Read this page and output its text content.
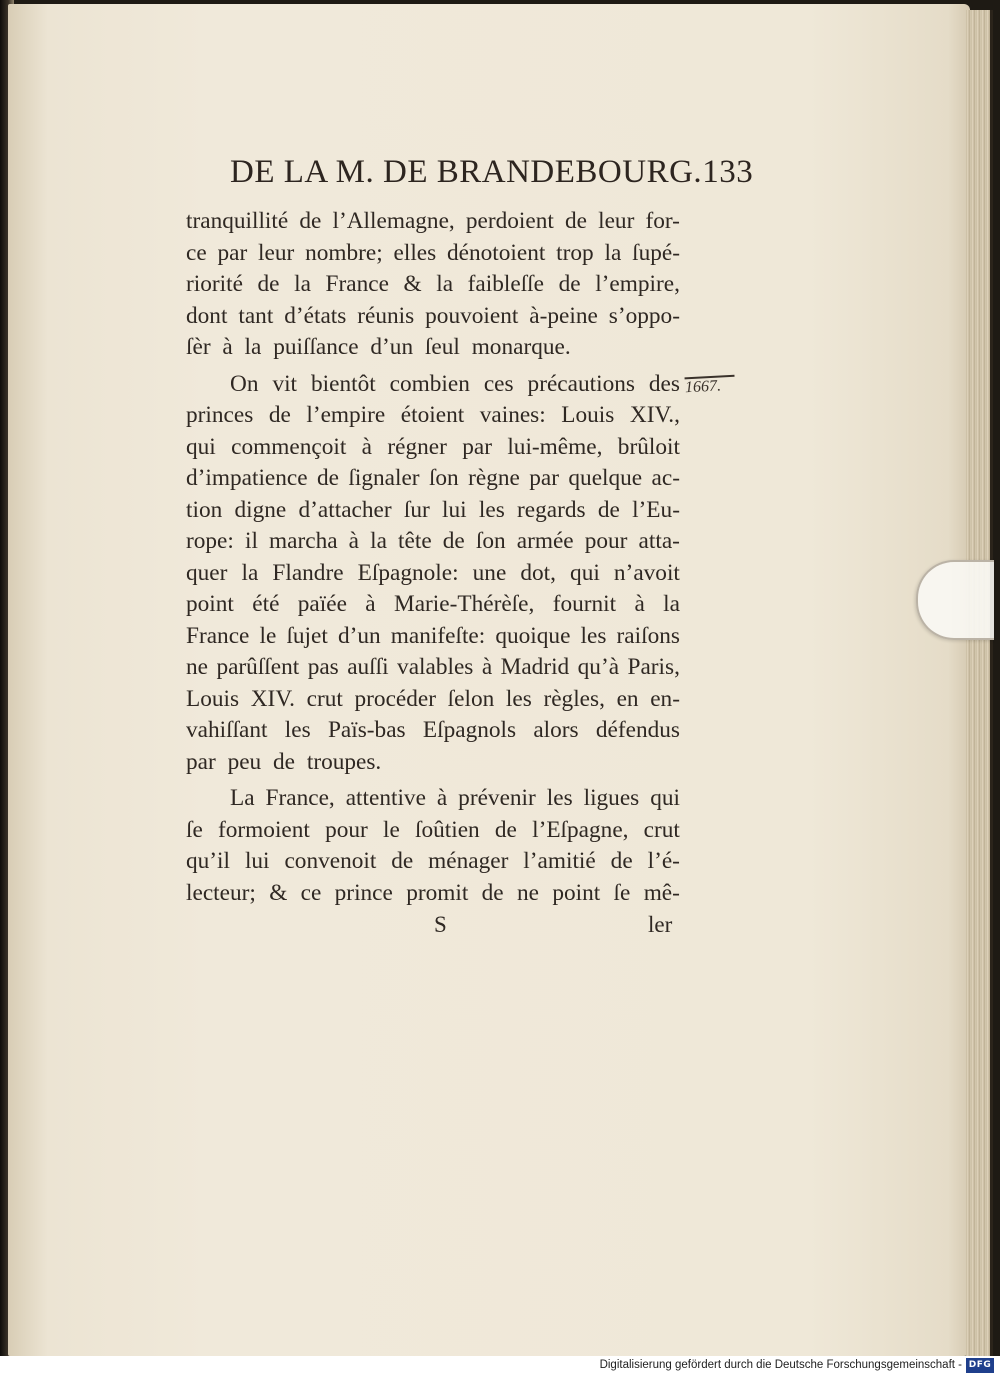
DE LA M. DE BRANDEBOURG. 133
tranquillité de l’Allemagne, perdoient de leur for-
ce par leur nombre; elles dénotoient trop la ſupé-
riorité de la France & la faibleſſe de l’empire,
dont tant d’états réunis pouvoient à-peine s’oppo-
ſèr à la puiſſance d’un ſeul monarque.
On vit bientôt combien ces précautions des
princes de l’empire étoient vaines: Louis XIV.,
qui commençoit à régner par lui-même, brûloit
d’impatience de ſignaler ſon règne par quelque ac-
tion digne d’attacher ſur lui les regards de l’Eu-
rope: il marcha à la tête de ſon armée pour atta-
quer la Flandre Eſpagnole: une dot, qui n’avoit
point été païée à Marie-Thérèſe, fournit à la
France le ſujet d’un manifeſte: quoique les raiſons
ne parûſſent pas auſſi valables à Madrid qu’à Paris,
Louis XIV. crut procéder ſelon les règles, en en-
vahiſſant les Païs-bas Eſpagnols alors défendus
par peu de troupes.
La France, attentive à prévenir les ligues qui
ſe formoient pour le ſoûtien de l’Eſpagne, crut
qu’il lui convenoit de ménager l’amitié de l’é-
lecteur; & ce prince promit de ne point ſe mê-
1667.
S	ler
Digitalisierung gefördert durch die Deutsche Forschungsgemeinschaft - DFG
